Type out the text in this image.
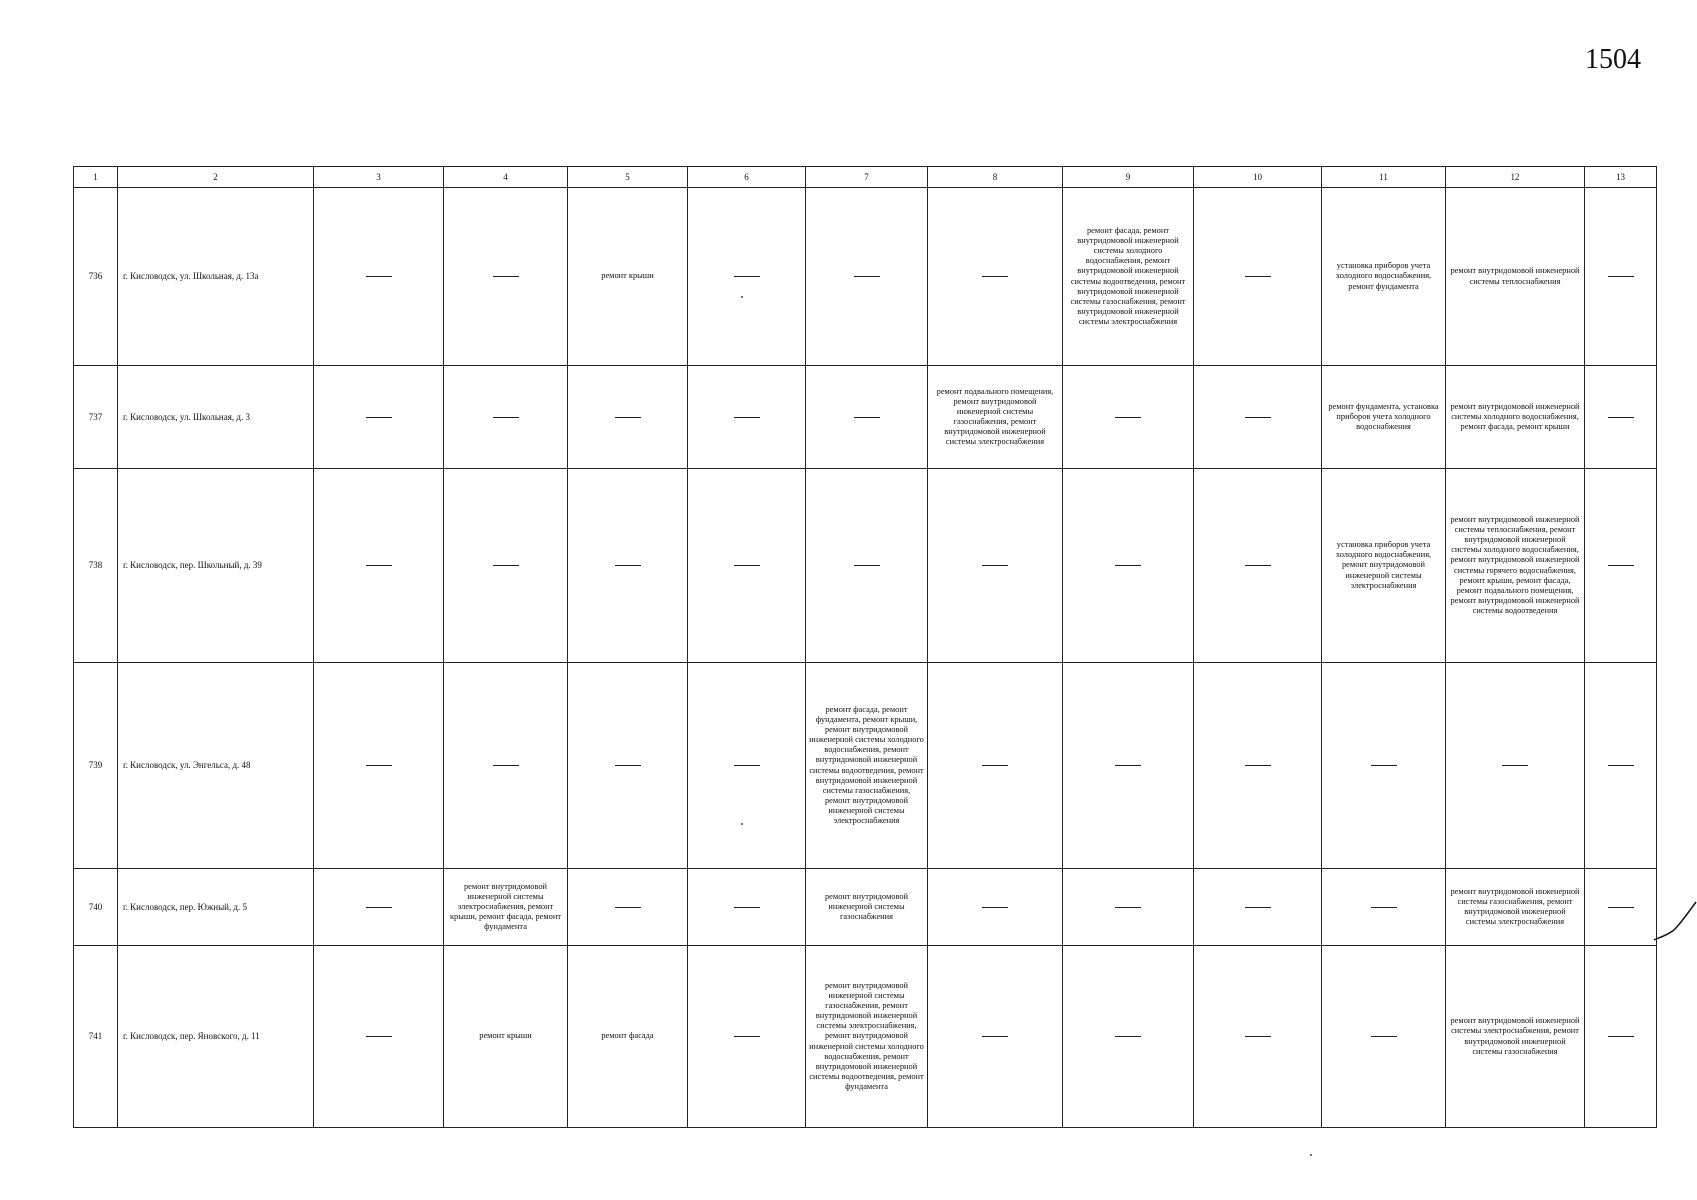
1504
1	2	3	4	5	6	7	8	9	10	11	12	13
736	г. Кисловодск, ул. Школьная, д. 13а			ремонт крыши				ремонт фасада, ремонт внутридомовой инженерной системы холодного водоснабжения, ремонт внутридомовой инженерной системы водоотведения, ремонт внутридомовой инженерной системы газоснабжения, ремонт внутридомовой инженерной системы электроснабжения		установка приборов учета холодного водоснабжения, ремонт фундамента	ремонт внутридомовой инженерной системы теплоснабжения	
737	г. Кисловодск, ул. Школьная, д. 3						ремонт подвального помещения, ремонт внутридомовой инженерной системы газоснабжения, ремонт внутридомовой инженерной системы электроснабжения			ремонт фундамента, установка приборов учета холодного водоснабжения	ремонт внутридомовой инженерной системы холодного водоснабжения, ремонт фасада, ремонт крыши	
738	г. Кисловодск, пер. Школьный, д. 39									установка приборов учета холодного водоснабжения, ремонт внутридомовой инженерной системы электроснабжения	ремонт внутридомовой инженерной системы теплоснабжения, ремонт внутридомовой инженерной системы холодного водоснабжения, ремонт внутридомовой инженерной системы горячего водоснабжения, ремонт крыши, ремонт фасада, ремонт подвального помещения, ремонт внутридомовой инженерной системы водоотведения	
739	г. Кисловодск, ул. Энгельса, д. 48					ремонт фасада, ремонт фундамента, ремонт крыши, ремонт внутридомовой инженерной системы холодного водоснабжения, ремонт внутридомовой инженерной системы водоотведения, ремонт внутридомовой инженерной системы газоснабжения, ремонт внутридомовой инженерной системы электроснабжения						
740	г. Кисловодск, пер. Южный, д. 5		ремонт внутридомовой инженерной системы электроснабжения, ремонт крыши, ремонт фасада, ремонт фундамента			ремонт внутридомовой инженерной системы газоснабжения					ремонт внутридомовой инженерной системы газоснабжения, ремонт внутридомовой инженерной системы электроснабжения	
741	г. Кисловодск, пер. Яновского, д. 11		ремонт крыши	ремонт фасада		ремонт внутридомовой инженерной системы газоснабжения, ремонт внутридомовой инженерной системы электроснабжения, ремонт внутридомовой инженерной системы холодного водоснабжения, ремонт внутридомовой инженерной системы водоотведения, ремонт фундамента					ремонт внутридомовой инженерной системы электроснабжения, ремонт внутридомовой инженерной системы газоснабжения	
